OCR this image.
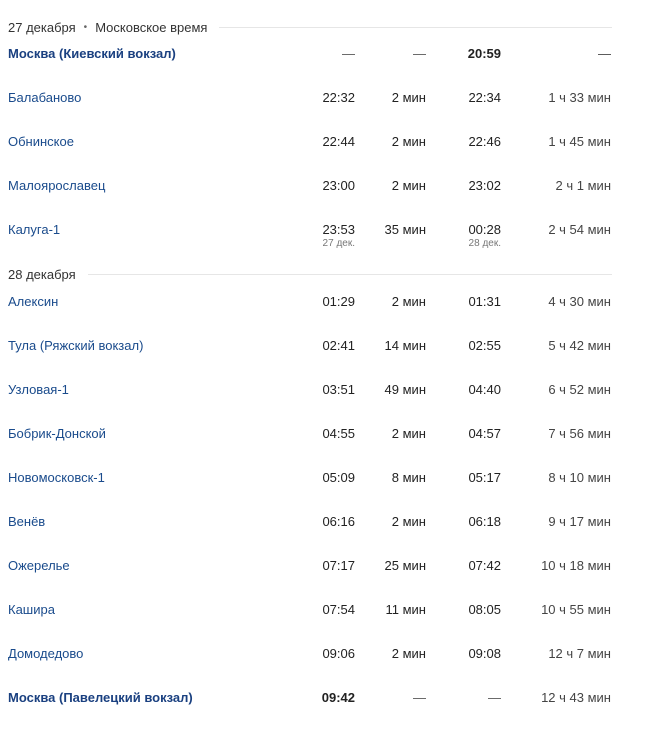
27 декабря • Московское время
28 декабря
Москва (Киевский вокзал)	—	—	20:59	—
Балабаново	22:32	2 мин	22:34	1 ч 33 мин
Обнинское	22:44	2 мин	22:46	1 ч 45 мин
Малоярославец	23:00	2 мин	23:02	2 ч 1 мин
Калуга-1	23:53	35 мин	00:28	2 ч 54 мин
27 дек.	28 дек.
Алексин	01:29	2 мин	01:31	4 ч 30 мин
Тула (Ряжский вокзал)	02:41	14 мин	02:55	5 ч 42 мин
Узловая-1	03:51	49 мин	04:40	6 ч 52 мин
Бобрик-Донской	04:55	2 мин	04:57	7 ч 56 мин
Новомосковск-1	05:09	8 мин	05:17	8 ч 10 мин
Венёв	06:16	2 мин	06:18	9 ч 17 мин
Ожерелье	07:17	25 мин	07:42	10 ч 18 мин
Кашира	07:54	11 мин	08:05	10 ч 55 мин
Домодедово	09:06	2 мин	09:08	12 ч 7 мин
Москва (Павелецкий вокзал)	09:42	—	—	12 ч 43 мин
